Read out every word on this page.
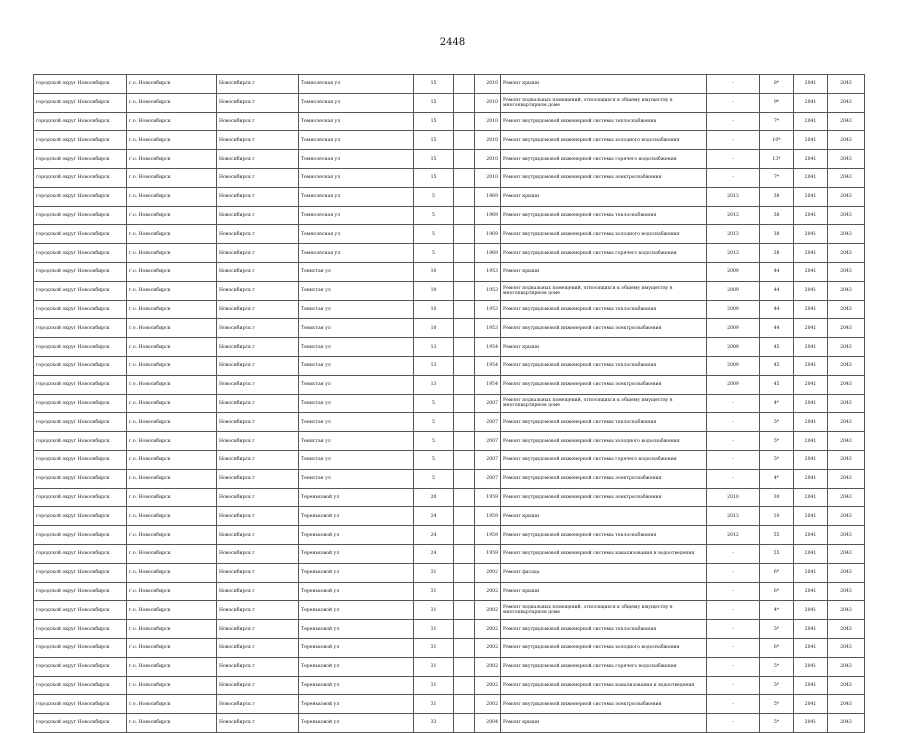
2448
городской округ Новосибирск	г.о. Новосибирск	Новосибирск г	Темнолесная ул	15		2010	Ремонт крыши	-	8*	2041	2043
городской округ Новосибирск	г.о. Новосибирск	Новосибирск г	Темнолесная ул	15		2010	Ремонт подвальных помещений, относящихся к общему имуществу в многоквартирном доме	-	9*	2041	2043
городской округ Новосибирск	г.о. Новосибирск	Новосибирск г	Темнолесная ул	15		2010	Ремонт внутридомовой инженерной системы теплоснабжения	-	7*	2041	2043
городской округ Новосибирск	г.о. Новосибирск	Новосибирск г	Темнолесная ул	15		2010	Ремонт внутридомовой инженерной системы холодного водоснабжения	-	10*	2041	2043
городской округ Новосибирск	г.о. Новосибирск	Новосибирск г	Темнолесная ул	15		2010	Ремонт внутридомовой инженерной системы горячего водоснабжения	-	13*	2041	2043
городской округ Новосибирск	г.о. Новосибирск	Новосибирск г	Темнолесная ул	15		2010	Ремонт внутридомовой инженерной системы электроснабжения	-	7*	2041	2043
городской округ Новосибирск	г.о. Новосибирск	Новосибирск г	Темнолесная ул	5		1969	Ремонт крыши	2013	38	2041	2043
городской округ Новосибирск	г.о. Новосибирск	Новосибирск г	Темнолесная ул	5		1969	Ремонт внутридомовой инженерной системы теплоснабжения	2013	38	2041	2043
городской округ Новосибирск	г.о. Новосибирск	Новосибирск г	Темнолесная ул	5		1969	Ремонт внутридомовой инженерной системы холодного водоснабжения	2013	38	2041	2043
городской округ Новосибирск	г.о. Новосибирск	Новосибирск г	Темнолесная ул	5		1969	Ремонт внутридомовой инженерной системы горячего водоснабжения	2013	38	2041	2043
городской округ Новосибирск	г.о. Новосибирск	Новосибирск г	Тенистая ул	10		1953	Ремонт крыши	2009	44	2041	2043
городской округ Новосибирск	г.о. Новосибирск	Новосибирск г	Тенистая ул	10		1953	Ремонт подвальных помещений, относящихся к общему имуществу в многоквартирном доме	2009	44	2041	2043
городской округ Новосибирск	г.о. Новосибирск	Новосибирск г	Тенистая ул	10		1953	Ремонт внутридомовой инженерной системы теплоснабжения	2009	44	2041	2043
городской округ Новосибирск	г.о. Новосибирск	Новосибирск г	Тенистая ул	10		1953	Ремонт внутридомовой инженерной системы электроснабжения	2009	44	2041	2043
городской округ Новосибирск	г.о. Новосибирск	Новосибирск г	Тенистая ул	13		1954	Ремонт крыши	2009	45	2041	2043
городской округ Новосибирск	г.о. Новосибирск	Новосибирск г	Тенистая ул	13		1954	Ремонт внутридомовой инженерной системы теплоснабжения	2009	45	2041	2043
городской округ Новосибирск	г.о. Новосибирск	Новосибирск г	Тенистая ул	13		1954	Ремонт внутридомовой инженерной системы электроснабжения	2009	45	2041	2043
городской округ Новосибирск	г.о. Новосибирск	Новосибирск г	Тенистая ул	5		2007	Ремонт подвальных помещений, относящихся к общему имуществу в многоквартирном доме	-	4*	2041	2043
городской округ Новосибирск	г.о. Новосибирск	Новосибирск г	Тенистая ул	5		2007	Ремонт внутридомовой инженерной системы теплоснабжения	-	5*	2041	2043
городской округ Новосибирск	г.о. Новосибирск	Новосибирск г	Тенистая ул	5		2007	Ремонт внутридомовой инженерной системы холодного водоснабжения	-	5*	2041	2043
городской округ Новосибирск	г.о. Новосибирск	Новосибирск г	Тенистая ул	5		2007	Ремонт внутридомовой инженерной системы горячего водоснабжения	-	5*	2041	2043
городской округ Новосибирск	г.о. Новосибирск	Новосибирск г	Тенистая ул	5		2007	Ремонт внутридомовой инженерной системы электроснабжения	-	4*	2041	2043
городской округ Новосибирск	г.о. Новосибирск	Новосибирск г	Тереньковой ул	20		1959	Ремонт внутридомовой инженерной системы электроснабжения	2010	30	2041	2043
городской округ Новосибирск	г.о. Новосибирск	Новосибирск г	Тереньковой ул	24		1959	Ремонт крыши	2013	10	2041	2043
городской округ Новосибирск	г.о. Новосибирск	Новосибирск г	Тереньковой ул	24		1959	Ремонт внутридомовой инженерной системы теплоснабжения	2012	55	2041	2043
городской округ Новосибирск	г.о. Новосибирск	Новосибирск г	Тереньковой ул	24		1959	Ремонт внутридомовой инженерной системы канализования и водоотведения	-	55	2041	2043
городской округ Новосибирск	г.о. Новосибирск	Новосибирск г	Тереньковой ул	31		2002	Ремонт фасада	-	6*	2041	2043
городской округ Новосибирск	г.о. Новосибирск	Новосибирск г	Тереньковой ул	31		2002	Ремонт крыши	-	6*	2041	2043
городской округ Новосибирск	г.о. Новосибирск	Новосибирск г	Тереньковой ул	31		2002	Ремонт подвальных помещений, относящихся к общему имуществу в многоквартирном доме	-	4*	2041	2043
городской округ Новосибирск	г.о. Новосибирск	Новосибирск г	Тереньковой ул	31		2002	Ремонт внутридомовой инженерной системы теплоснабжения	-	5*	2041	2043
городской округ Новосибирск	г.о. Новосибирск	Новосибирск г	Тереньковой ул	31		2002	Ремонт внутридомовой инженерной системы холодного водоснабжения	-	6*	2041	2043
городской округ Новосибирск	г.о. Новосибирск	Новосибирск г	Тереньковой ул	31		2002	Ремонт внутридомовой инженерной системы горячего водоснабжения	-	5*	2041	2043
городской округ Новосибирск	г.о. Новосибирск	Новосибирск г	Тереньковой ул	31		2002	Ремонт внутридомовой инженерной системы канализования и водоотведения	-	5*	2041	2043
городской округ Новосибирск	г.о. Новосибирск	Новосибирск г	Тереньковой ул	31		2002	Ремонт внутридомовой инженерной системы электроснабжения	-	5*	2041	2043
городской округ Новосибирск	г.о. Новосибирск	Новосибирск г	Тереньковой ул	33		2004	Ремонт крыши	-	5*	2041	2043
